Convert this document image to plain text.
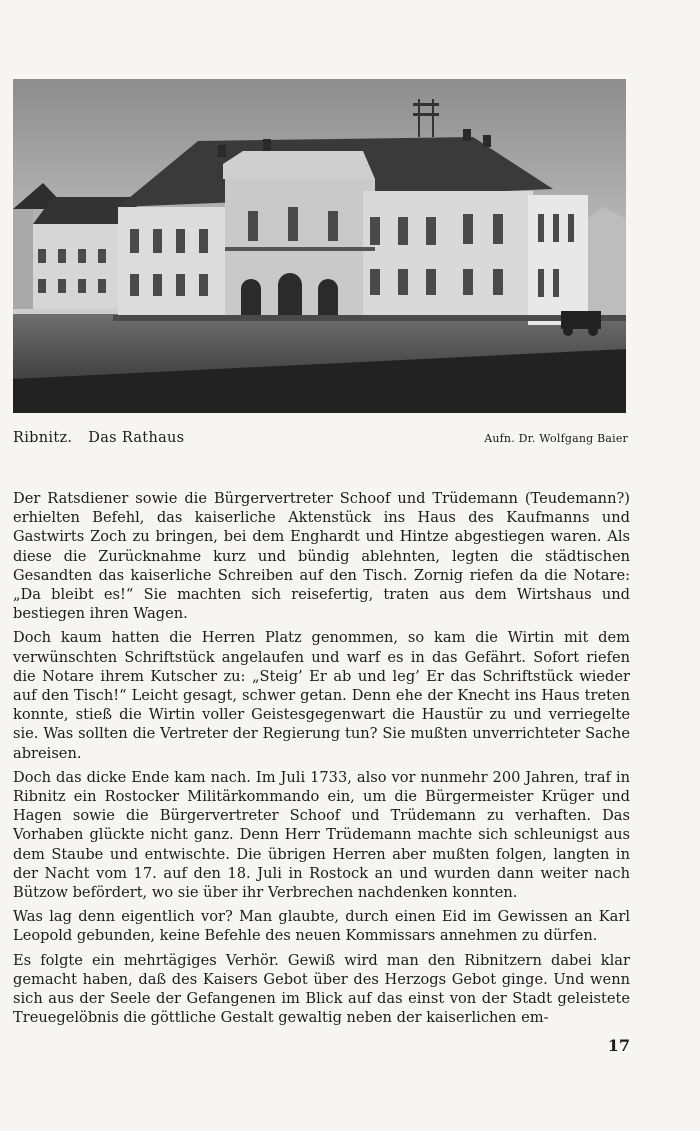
Ribnitz. Das Rathaus	Aufn. Dr. Wolfgang Baier

Der Ratsdiener sowie die Bürgervertreter Schoof und Trüdemann (Teudemann?) erhielten Befehl, das kaiserliche Aktenstück ins Haus des Kaufmanns und Gastwirts Zoch zu bringen, bei dem Enghardt und Hintze abgestiegen waren. Als diese die Zurücknahme kurz und bündig ablehnten, legten die städtischen Gesandten das kaiserliche Schreiben auf den Tisch. Zornig riefen da die Notare: „Da bleibt es!“ Sie machten sich reisefertig, traten aus dem Wirtshaus und bestiegen ihren Wagen.

Doch kaum hatten die Herren Platz genommen, so kam die Wirtin mit dem verwünschten Schriftstück angelaufen und warf es in das Gefährt. Sofort riefen die Notare ihrem Kutscher zu: „Steig’ Er ab und leg’ Er das Schriftstück wieder auf den Tisch!“ Leicht gesagt, schwer getan. Denn ehe der Knecht ins Haus treten konnte, stieß die Wirtin voller Geistesgegenwart die Haustür zu und verriegelte sie. Was sollten die Vertreter der Regierung tun? Sie mußten unverrichteter Sache abreisen.

Doch das dicke Ende kam nach. Im Juli 1733, also vor nunmehr 200 Jahren, traf in Ribnitz ein Rostocker Militärkommando ein, um die Bürgermeister Krüger und Hagen sowie die Bürgervertreter Schoof und Trüdemann zu verhaften. Das Vorhaben glückte nicht ganz. Denn Herr Trüdemann machte sich schleunigst aus dem Staube und entwischte. Die übrigen Herren aber mußten folgen, langten in der Nacht vom 17. auf den 18. Juli in Rostock an und wurden dann weiter nach Bützow befördert, wo sie über ihr Verbrechen nachdenken konnten.

Was lag denn eigentlich vor? Man glaubte, durch einen Eid im Gewissen an Karl Leopold gebunden, keine Befehle des neuen Kommissars annehmen zu dürfen.

Es folgte ein mehrtägiges Verhör. Gewiß wird man den Ribnitzern dabei klar gemacht haben, daß des Kaisers Gebot über des Herzogs Gebot ginge. Und wenn sich aus der Seele der Gefangenen im Blick auf das einst von der Stadt geleistete Treuegelöbnis die göttliche Gestalt gewaltig neben der kaiserlichen em-

17
